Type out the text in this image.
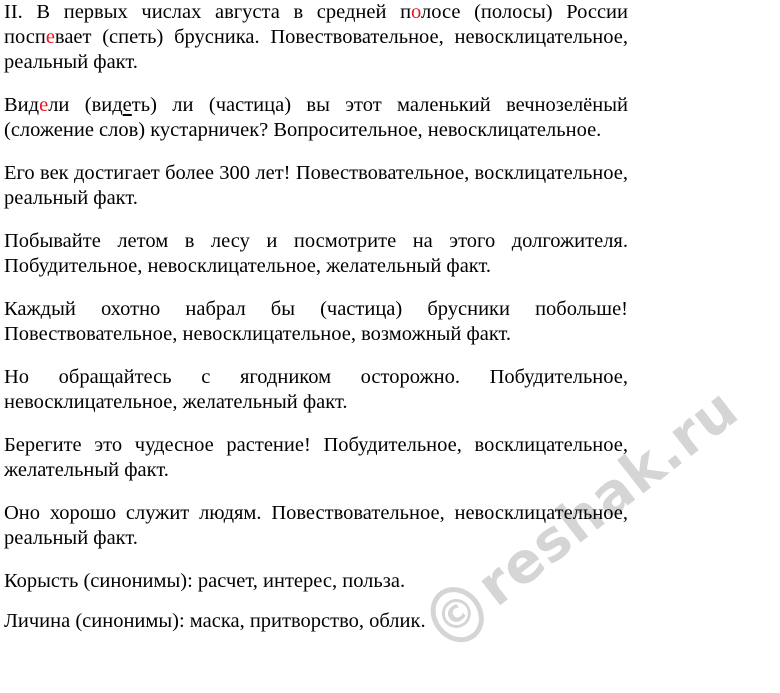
II. В первых числах августа в средней полосе (полосы) России поспевает (спеть) брусника. Повествовательное, невосклицательное, реальный факт.

Видели (видеть) ли (частица) вы этот маленький вечнозелёный (сложение слов) кустарничек? Вопросительное, невосклицательное.

Его век достигает более 300 лет! Повествовательное, восклицательное, реальный факт.

Побывайте летом в лесу и посмотрите на этого долгожителя. Побудительное, невосклицательное, желательный факт.

Каждый охотно набрал бы (частица) брусники побольше! Повествовательное, невосклицательное, возможный факт.

Но обращайтесь с ягодником осторожно. Побудительное, невосклицательное, желательный факт.

Берегите это чудесное растение! Побудительное, восклицательное, желательный факт.

Оно хорошо служит людям. Повествовательное, невосклицательное, реальный факт.

Корысть (синонимы): расчет, интерес, польза.

Личина (синонимы): маска, притворство, облик. ©
reshak.ru
